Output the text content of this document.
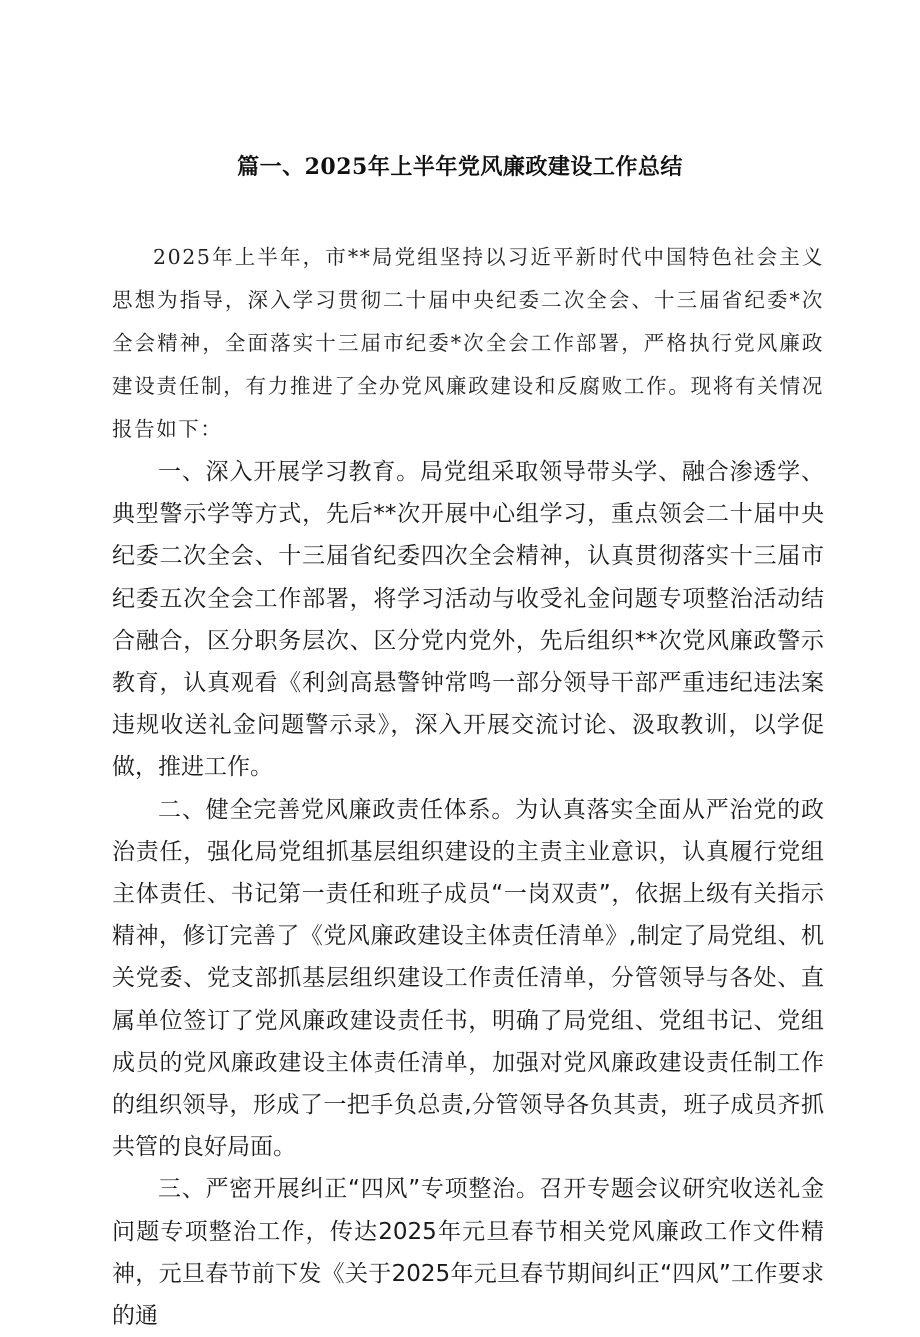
篇一、2025年上半年党风廉政建设工作总结

2025年上半年，市**局党组坚持以习近平新时代中国特色社会主义思想为指导，深入学习贯彻二十届中央纪委二次全会、十三届省纪委*次全会精神，全面落实十三届市纪委*次全会工作部署，严格执行党风廉政建设责任制，有力推进了全办党风廉政建设和反腐败工作。现将有关情况报告如下：

一、深入开展学习教育。局党组采取领导带头学、融合渗透学、典型警示学等方式，先后**次开展中心组学习，重点领会二十届中央纪委二次全会、十三届省纪委四次全会精神，认真贯彻落实十三届市纪委五次全会工作部署，将学习活动与收受礼金问题专项整治活动结合融合，区分职务层次、区分党内党外，先后组织**次党风廉政警示教育，认真观看《利剑高悬警钟常鸣一部分领导干部严重违纪违法案违规收送礼金问题警示录》，深入开展交流讨论、汲取教训，以学促做，推进工作。

二、健全完善党风廉政责任体系。为认真落实全面从严治党的政治责任，强化局党组抓基层组织建设的主责主业意识，认真履行党组主体责任、书记第一责任和班子成员“一岗双责”，依据上级有关指示精神，修订完善了《党风廉政建设主体责任清单》,制定了局党组、机关党委、党支部抓基层组织建设工作责任清单，分管领导与各处、直属单位签订了党风廉政建设责任书，明确了局党组、党组书记、党组成员的党风廉政建设主体责任清单，加强对党风廉政建设责任制工作的组织领导，形成了一把手负总责,分管领导各负其责，班子成员齐抓共管的良好局面。

三、严密开展纠正“四风”专项整治。召开专题会议研究收送礼金问题专项整治工作，传达2025年元旦春节相关党风廉政工作文件精神，元旦春节前下发《关于2025年元旦春节期间纠正“四风”工作要求的通
